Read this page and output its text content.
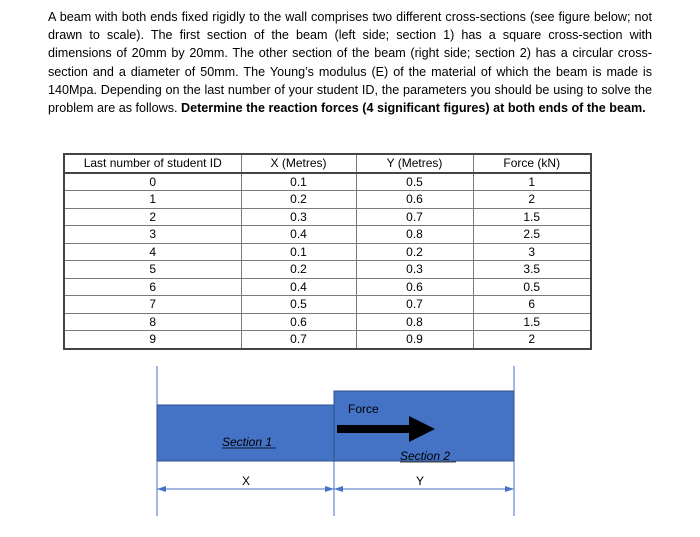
A beam with both ends fixed rigidly to the wall comprises two different cross-sections (see figure below; not drawn to scale). The first section of the beam (left side; section 1) has a square cross-section with dimensions of 20mm by 20mm. The other section of the beam (right side; section 2) has a circular cross-section and a diameter of 50mm. The Young’s modulus (E) of the material of which the beam is made is 140Mpa. Depending on the last number of your student ID, the parameters you should be using to solve the problem are as follows. Determine the reaction forces (4 significant figures) at both ends of the beam.
Last number of student ID	X (Metres)	Y (Metres)	Force (kN)
0	0.1	0.5	1
1	0.2	0.6	2
2	0.3	0.7	1.5
3	0.4	0.8	2.5
4	0.1	0.2	3
5	0.2	0.3	3.5
6	0.4	0.6	0.5
7	0.5	0.7	6
8	0.6	0.8	1.5
9	0.7	0.9	2
Force
Section 1
Section 2
X	Y
